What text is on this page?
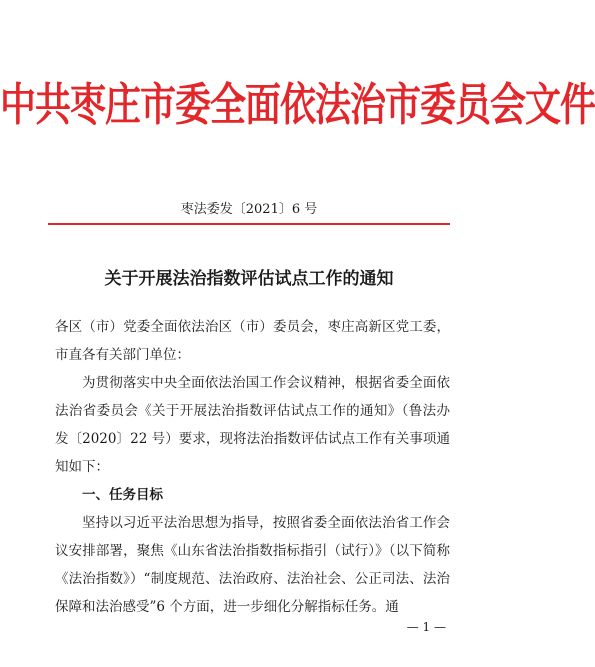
中共枣庄市委全面依法治市委员会文件
枣法委发〔2021〕6 号
关于开展法治指数评估试点工作的通知

各区（市）党委全面依法治区（市）委员会，枣庄高新区党工委，市直各有关部门单位：

为贯彻落实中央全面依法治国工作会议精神，根据省委全面依法治省委员会《关于开展法治指数评估试点工作的通知》（鲁法办发〔2020〕22 号）要求，现将法治指数评估试点工作有关事项通知如下：

一、任务目标

坚持以习近平法治思想为指导，按照省委全面依法治省工作会议安排部署，聚焦《山东省法治指数指标指引（试行）》（以下简称《法治指数》）“制度规范、法治政府、法治社会、公正司法、法治保障和法治感受”6 个方面，进一步细化分解指标任务。通

— 1 —
